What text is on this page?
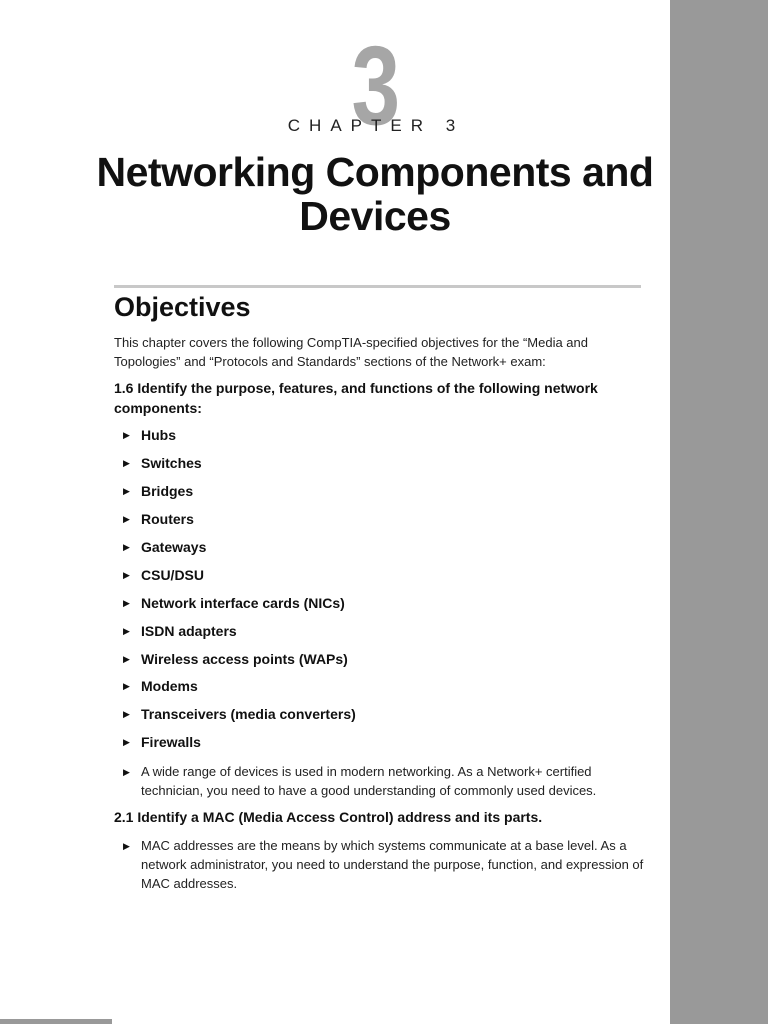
3
CHAPTER 3
Networking Components and
Devices
Objectives
This chapter covers the following CompTIA-specified objectives for the “Media and Topologies” and “Protocols and Standards” sections of the Network+ exam:
1.6 Identify the purpose, features, and functions of the following network components:
▶ Hubs
▶ Switches
▶ Bridges
▶ Routers
▶ Gateways
▶ CSU/DSU
▶ Network interface cards (NICs)
▶ ISDN adapters
▶ Wireless access points (WAPs)
▶ Modems
▶ Transceivers (media converters)
▶ Firewalls
▶ A wide range of devices is used in modern networking. As a Network+ certified technician, you need to have a good understanding of commonly used devices.
2.1 Identify a MAC (Media Access Control) address and its parts.
▶ MAC addresses are the means by which systems communicate at a base level. As a network administrator, you need to understand the purpose, function, and expression of MAC addresses.
